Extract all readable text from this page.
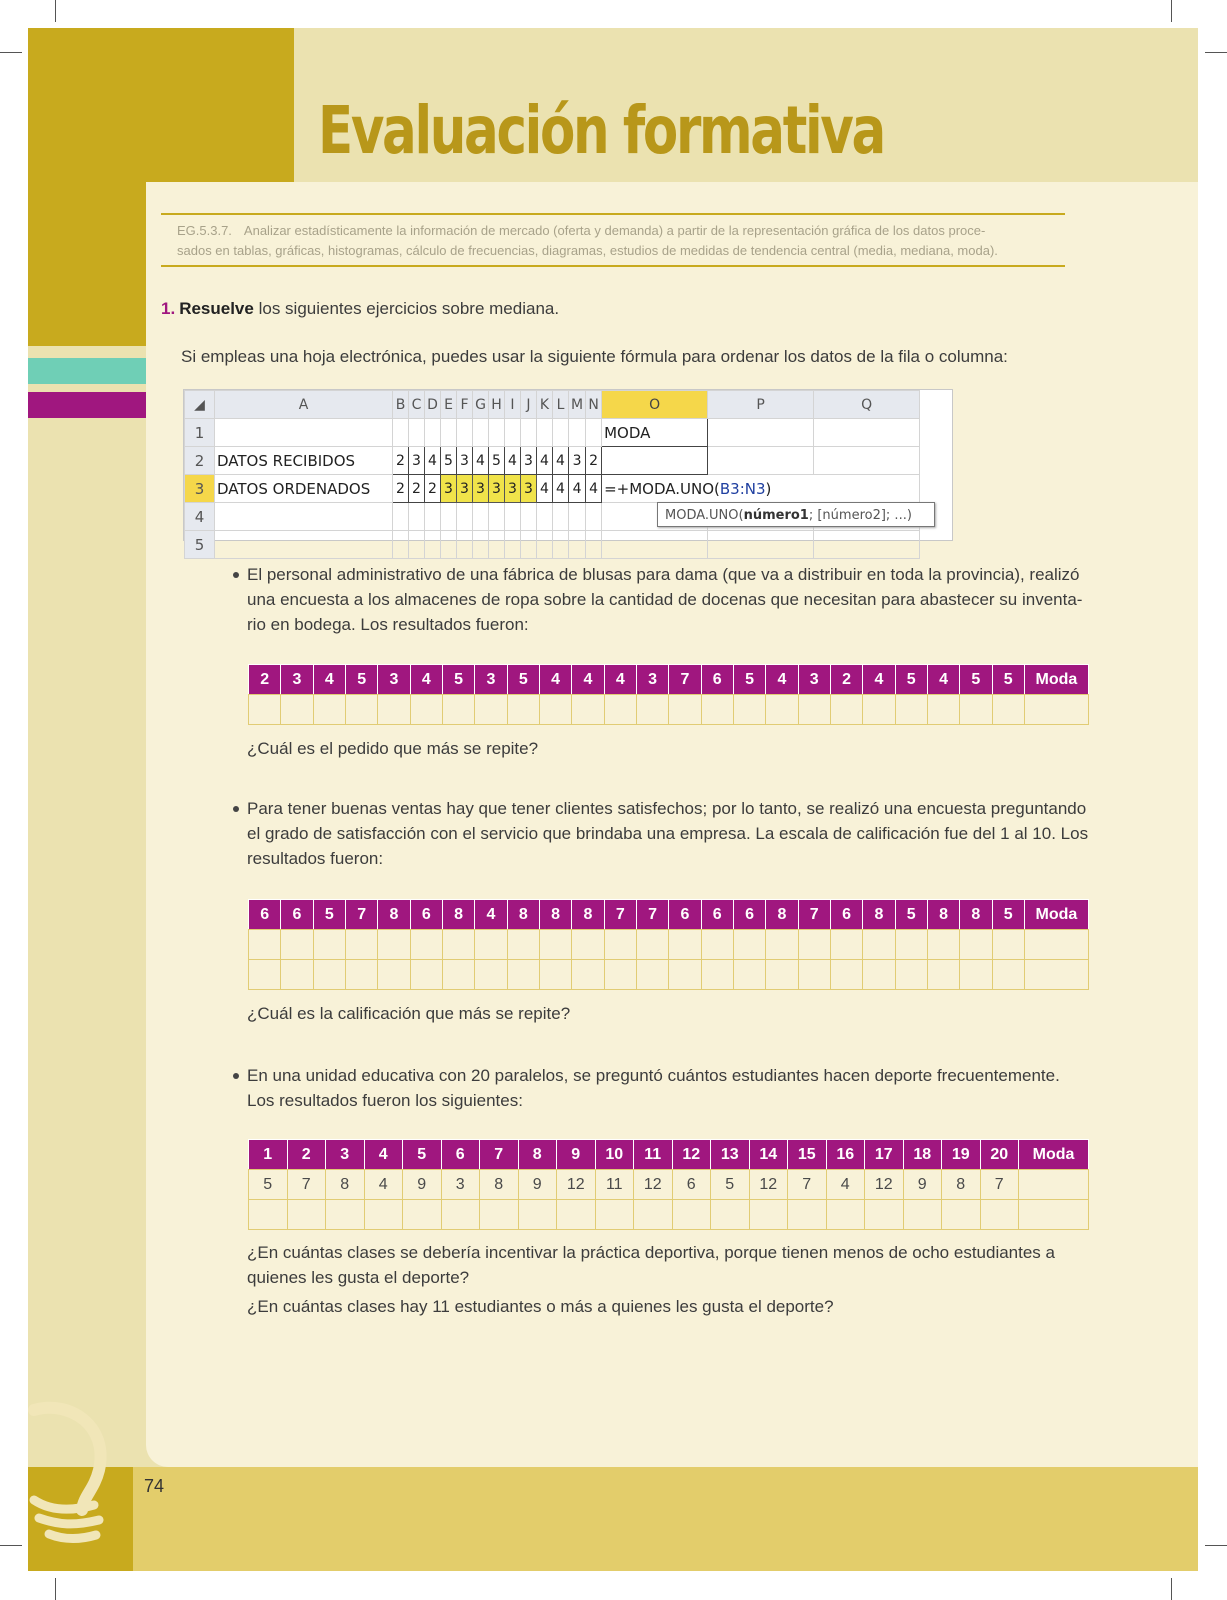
Evaluación formativa
EG.5.3.7. Analizar estadísticamente la información de mercado (oferta y demanda) a partir de la representación gráfica de los datos proce-
sados en tablas, gráficas, histogramas, cálculo de frecuencias, diagramas, estudios de medidas de tendencia central (media, mediana, moda).
1. Resuelve los siguientes ejercicios sobre mediana.
Si empleas una hoja electrónica, puedes usar la siguiente fórmula para ordenar los datos de la fila o columna:
◢	A	B	C	D	E	F	G	H	I	J	K	L	M	N	O	P	Q
1															MODA		
2	DATOS RECIBIDOS	2	3	4	5	3	4	5	4	3	4	4	3	2			
3	DATOS ORDENADOS	2	2	2	3	3	3	3	3	3	4	4	4	4	=+MODA.UNO(B3:N3)		
4																	
5																	
MODA.UNO(número1; [número2]; ...)
El personal administrativo de una fábrica de blusas para dama (que va a distribuir en toda la provincia), realizó
una encuesta a los almacenes de ropa sobre la cantidad de docenas que necesitan para abastecer su inventa-
rio en bodega. Los resultados fueron:
2	3	4	5	3	4	5	3	5	4	4	4	3	7	6	5	4	3	2	4	5	4	5	5	Moda

¿Cuál es el pedido que más se repite?
Para tener buenas ventas hay que tener clientes satisfechos; por lo tanto, se realizó una encuesta preguntando
el grado de satisfacción con el servicio que brindaba una empresa. La escala de calificación fue del 1 al 10. Los
resultados fueron:
6	6	5	7	8	6	8	4	8	8	8	7	7	6	6	6	8	7	6	8	5	8	8	5	Moda

¿Cuál es la calificación que más se repite?
En una unidad educativa con 20 paralelos, se preguntó cuántos estudiantes hacen deporte frecuentemente.
Los resultados fueron los siguientes:
1	2	3	4	5	6	7	8	9	10	11	12	13	14	15	16	17	18	19	20	Moda
5	7	8	4	9	3	8	9	12	11	12	6	5	12	7	4	12	9	8	7	

¿En cuántas clases se debería incentivar la práctica deportiva, porque tienen menos de ocho estudiantes a
quienes les gusta el deporte?
¿En cuántas clases hay 11 estudiantes o más a quienes les gusta el deporte?
74
